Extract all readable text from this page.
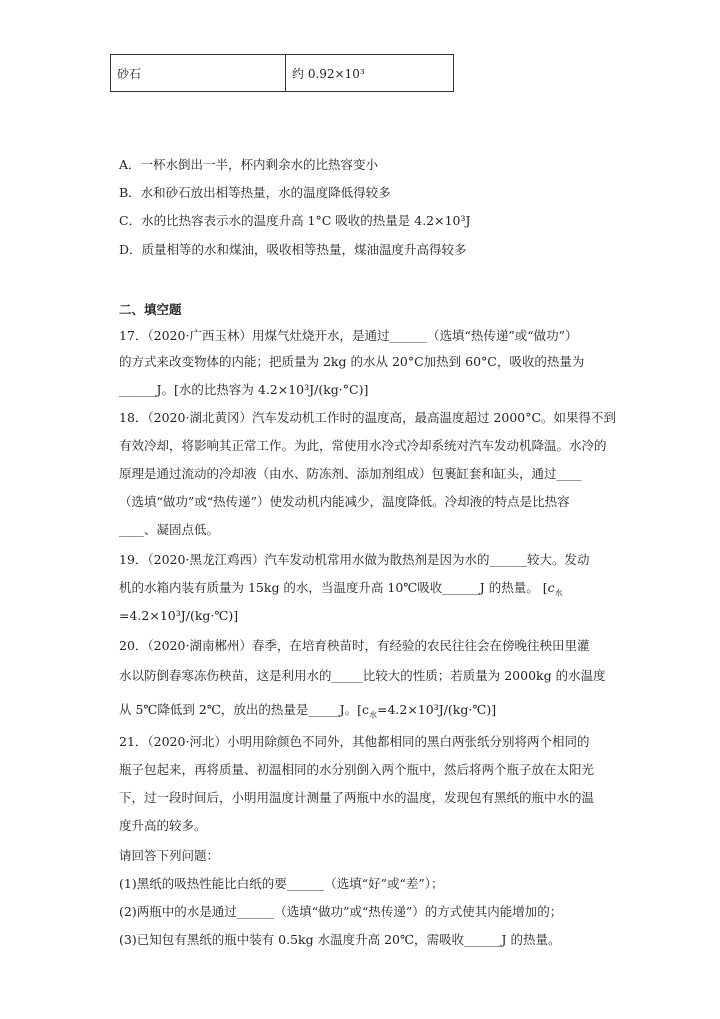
砂石	约 0.92×10³
A．一杯水倒出一半，杯内剩余水的比热容变小
B．水和砂石放出相等热量，水的温度降低得较多
C．水的比热容表示水的温度升高 1°C 吸收的热量是 4.2×10³J
D．质量相等的水和煤油，吸收相等热量，煤油温度升高得较多
二、填空题
17．（2020·广西玉林）用煤气灶烧开水，是通过______（选填“热传递”或“做功”）
的方式来改变物体的内能；把质量为 2kg 的水从 20°C加热到 60°C，吸收的热量为
______J。[水的比热容为 4.2×10³J/(kg·°C)]
18．（2020·湖北黄冈）汽车发动机工作时的温度高，最高温度超过 2000°C。如果得不到
有效冷却，将影响其正常工作。为此，常使用水冷式冷却系统对汽车发动机降温。水冷的
原理是通过流动的冷却液（由水、防冻剂、添加剂组成）包裹缸套和缸头，通过____
（选填“做功”或“热传递”）使发动机内能减少，温度降低。冷却液的特点是比热容
____、凝固点低。
19．（2020·黑龙江鸡西）汽车发动机常用水做为散热剂是因为水的______较大。发动
机的水箱内装有质量为 15kg 的水，当温度升高 10℃吸收______J 的热量。 [$c_水$
=4.2×10³J/(kg·℃)]
20．（2020·湖南郴州）春季，在培育秧苗时，有经验的农民往往会在傍晚往秧田里灌
水以防倒春寒冻伤秧苗，这是利用水的_____比较大的性质；若质量为 2000kg 的水温度
从 5℃降低到 2℃，放出的热量是_____J。$[c_水=4.2\times 10^3J/(kg\cdot℃)]$
21．（2020·河北）小明用除颜色不同外，其他都相同的黑白两张纸分别将两个相同的
瓶子包起来，再将质量、初温相同的水分别倒入两个瓶中，然后将两个瓶子放在太阳光
下，过一段时间后，小明用温度计测量了两瓶中水的温度，发现包有黑纸的瓶中水的温
度升高的较多。
请回答下列问题：
(1)黑纸的吸热性能比白纸的要______（选填“好”或“差”）；
(2)两瓶中的水是通过______（选填“做功”或“热传递”）的方式使其内能增加的；
(3)已知包有黑纸的瓶中装有 0.5kg 水温度升高 20℃，需吸收______J 的热量。
